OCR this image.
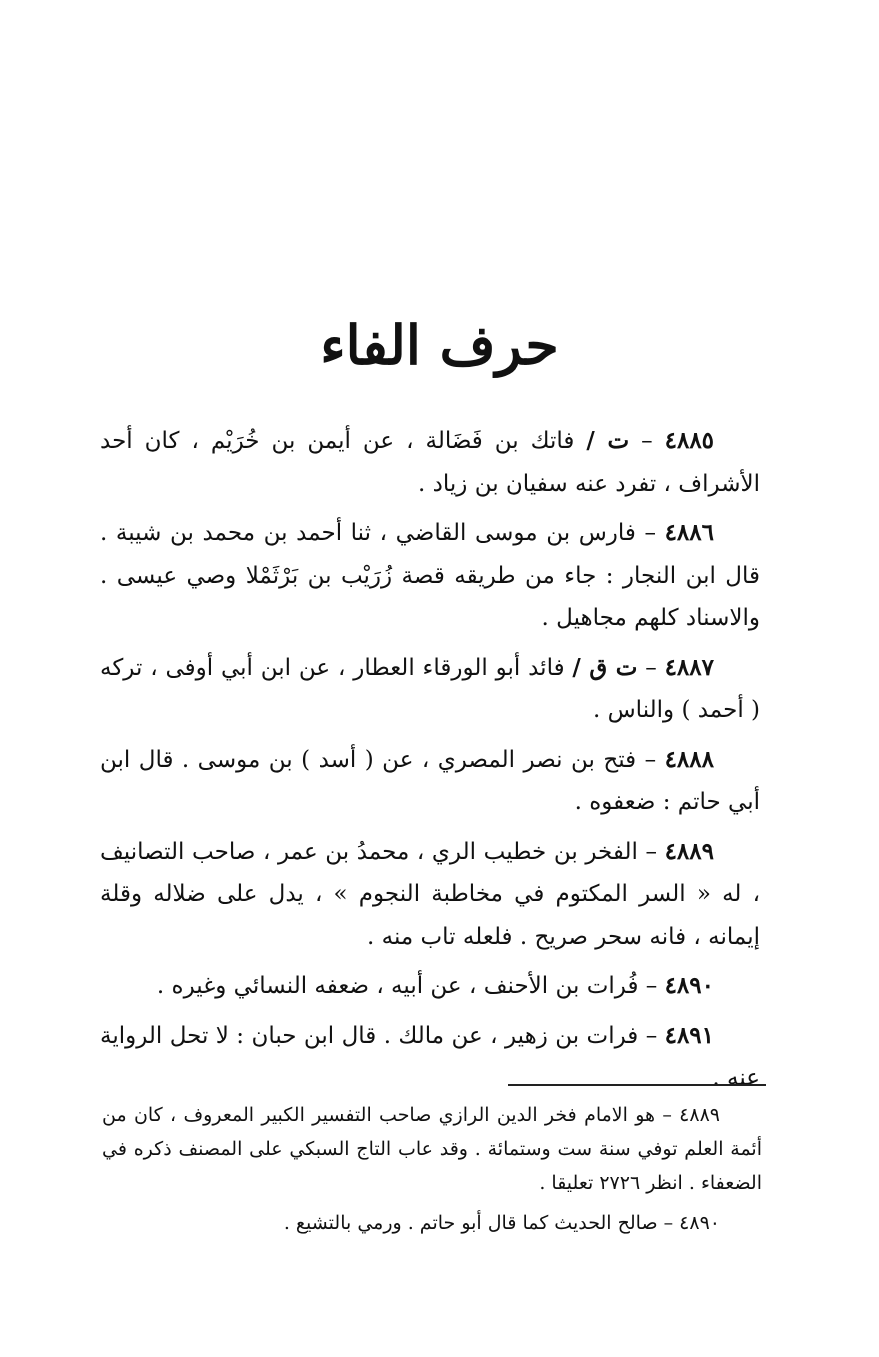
حرف الفاء

٤٨٨٥ – ت / فاتك بن فَضَالة ، عن أيمن بن خُرَيْم ، كان أحد الأشراف ، تفرد عنه سفيان بن زياد .

٤٨٨٦ – فارس بن موسى القاضي ، ثنا أحمد بن محمد بن شيبة . قال ابن النجار : جاء من طريقه قصة زُرَيْب بن بَرْثَمْلا وصي عيسى . والاسناد كلهم مجاهيل .

٤٨٨٧ – ت ق / فائد أبو الورقاء العطار ، عن ابن أبي أوفى ، تركه ( أحمد ) والناس .

٤٨٨٨ – فتح بن نصر المصري ، عن ( أسد ) بن موسى . قال ابن أبي حاتم : ضعفوه .

٤٨٨٩ – الفخر بن خطيب الري ، محمدُ بن عمر ، صاحب التصانيف ، له « السر المكتوم في مخاطبة النجوم » ، يدل على ضلاله وقلة إيمانه ، فانه سحر صريح . فلعله تاب منه .

٤٨٩٠ – فُرات بن الأحنف ، عن أبيه ، ضعفه النسائي وغيره .

٤٨٩١ – فرات بن زهير ، عن مالك . قال ابن حبان : لا تحل الرواية عنه .

٤٨٨٩ – هو الامام فخر الدين الرازي صاحب التفسير الكبير المعروف ، كان من أئمة العلم توفي سنة ست وستمائة . وقد عاب التاج السبكي على المصنف ذكره في الضعفاء . انظر ٢٧٢٦ تعليقا .

٤٨٩٠ – صالح الحديث كما قال أبو حاتم . ورمي بالتشيع .
